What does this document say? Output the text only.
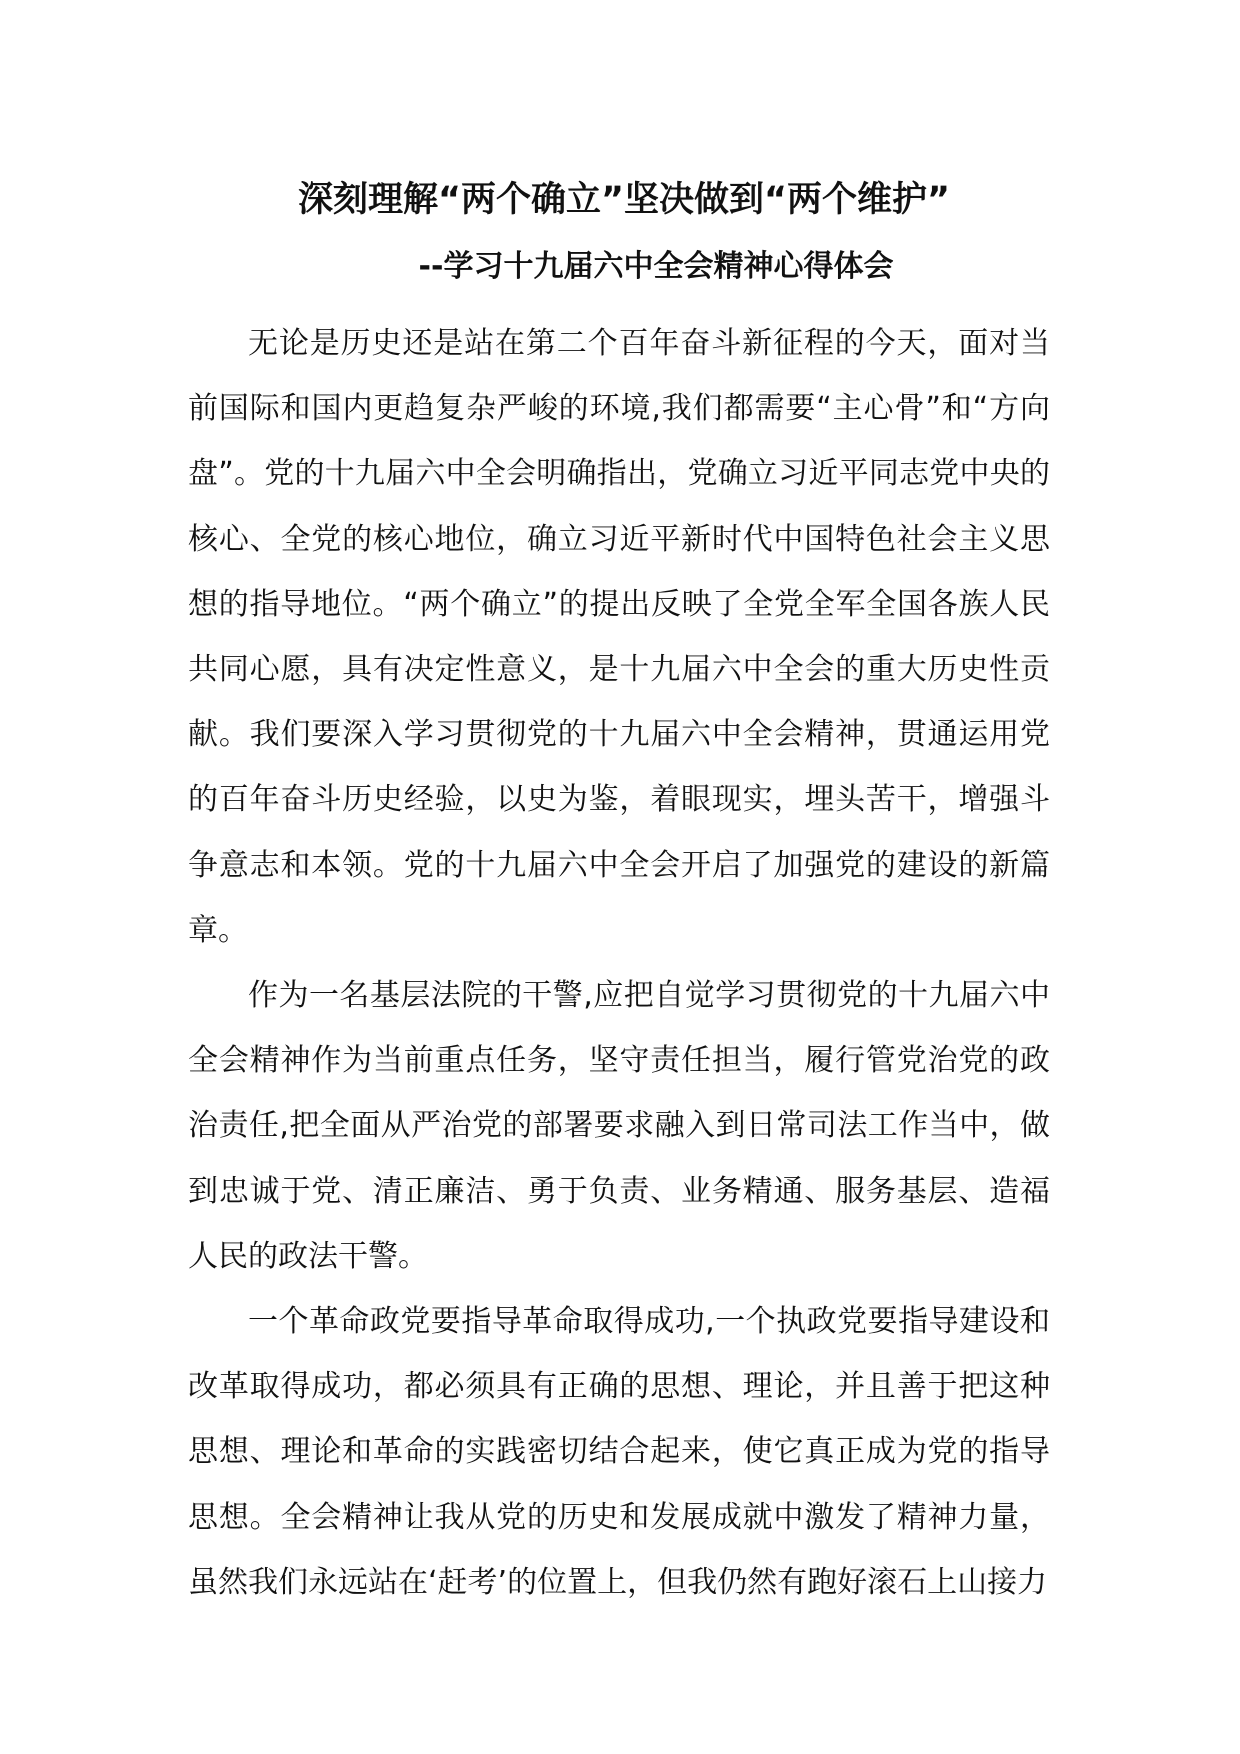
深刻理解“两个确立”坚决做到“两个维护”
--学习十九届六中全会精神心得体会

无论是历史还是站在第二个百年奋斗新征程的今天，面对当前国际和国内更趋复杂严峻的环境,我们都需要“主心骨”和“方向盘”。党的十九届六中全会明确指出，党确立习近平同志党中央的核心、全党的核心地位，确立习近平新时代中国特色社会主义思想的指导地位。“两个确立”的提出反映了全党全军全国各族人民共同心愿，具有决定性意义，是十九届六中全会的重大历史性贡献。我们要深入学习贯彻党的十九届六中全会精神，贯通运用党的百年奋斗历史经验，以史为鉴，着眼现实，埋头苦干，增强斗争意志和本领。党的十九届六中全会开启了加强党的建设的新篇章。

作为一名基层法院的干警,应把自觉学习贯彻党的十九届六中全会精神作为当前重点任务，坚守责任担当，履行管党治党的政治责任,把全面从严治党的部署要求融入到日常司法工作当中，做到忠诚于党、清正廉洁、勇于负责、业务精通、服务基层、造福人民的政法干警。

一个革命政党要指导革命取得成功,一个执政党要指导建设和改革取得成功，都必须具有正确的思想、理论，并且善于把这种思想、理论和革命的实践密切结合起来，使它真正成为党的指导思想。全会精神让我从党的历史和发展成就中激发了精神力量，虽然我们永远站在‘赶考’的位置上，但我仍然有跑好滚石上山接力
